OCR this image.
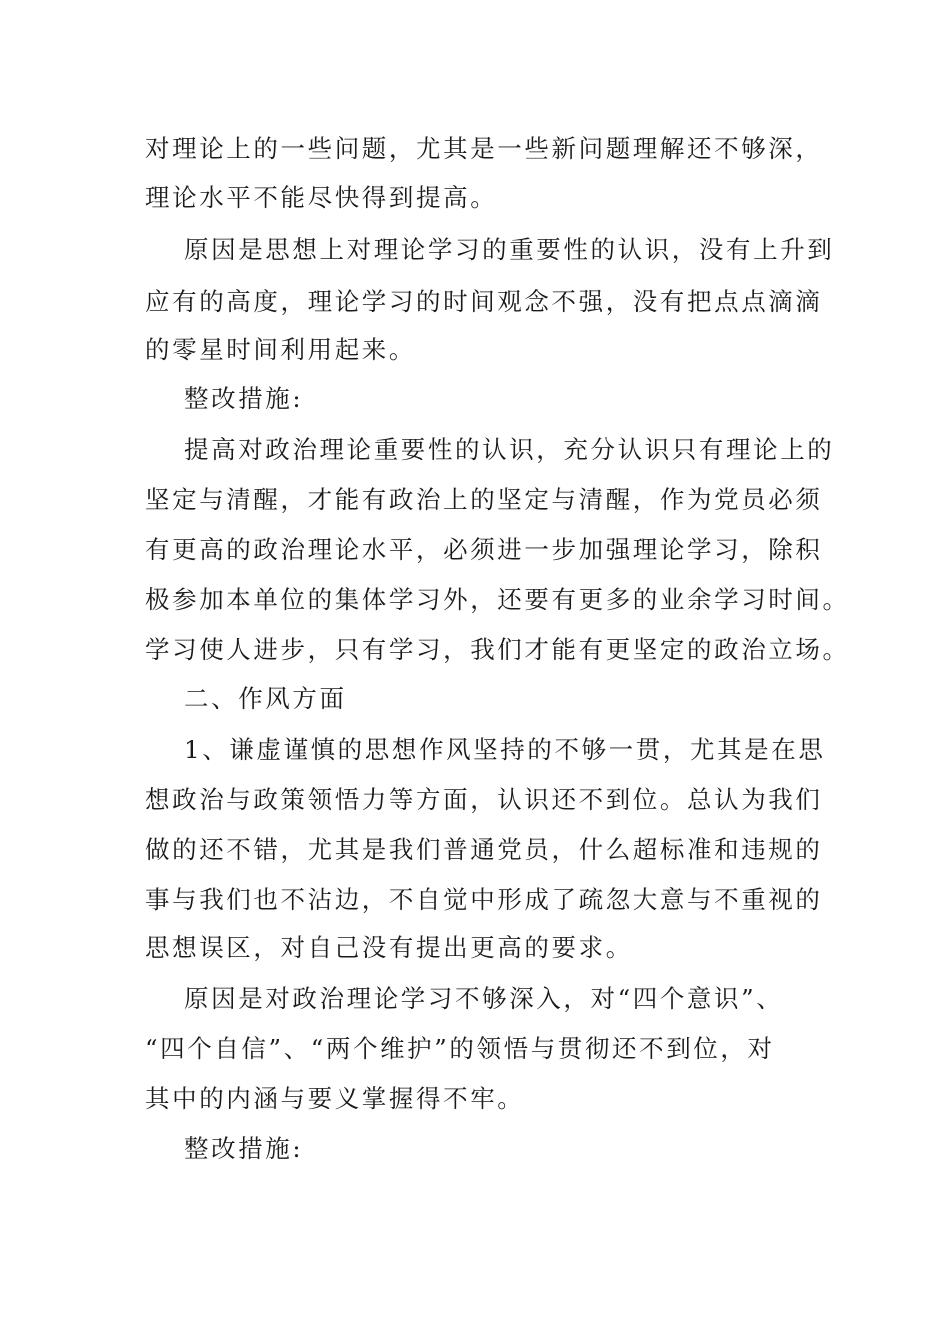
对理论上的一些问题，尤其是一些新问题理解还不够深，
理论水平不能尽快得到提高。
原因是思想上对理论学习的重要性的认识，没有上升到
应有的高度，理论学习的时间观念不强，没有把点点滴滴
的零星时间利用起来。
整改措施:
提高对政治理论重要性的认识，充分认识只有理论上的
坚定与清醒，才能有政治上的坚定与清醒，作为党员必须
有更高的政治理论水平，必须进一步加强理论学习，除积
极参加本单位的集体学习外，还要有更多的业余学习时间。
学习使人进步，只有学习，我们才能有更坚定的政治立场。
二、作风方面
1、谦虚谨慎的思想作风坚持的不够一贯，尤其是在思
想政治与政策领悟力等方面，认识还不到位。总认为我们
做的还不错，尤其是我们普通党员，什么超标准和违规的
事与我们也不沾边，不自觉中形成了疏忽大意与不重视的
思想误区，对自己没有提出更高的要求。
原因是对政治理论学习不够深入，对“四个意识”、
“四个自信”、“两个维护”的领悟与贯彻还不到位，对
其中的内涵与要义掌握得不牢。
整改措施:
